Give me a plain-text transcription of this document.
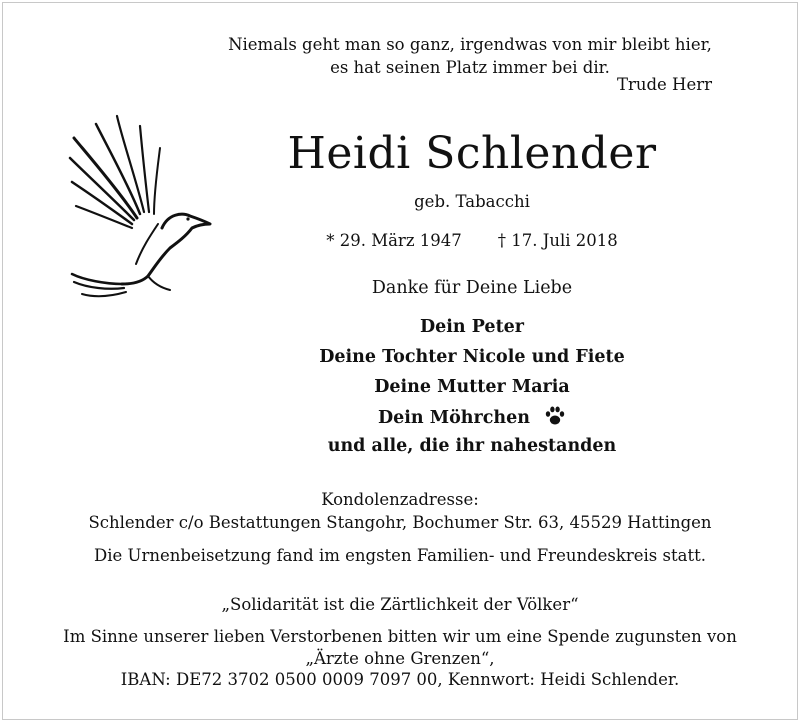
Niemals geht man so ganz, irgendwas von mir bleibt hier,
es hat seinen Platz immer bei dir.
Trude Herr
Heidi Schlender
geb. Tabacchi
* 29. März 1947 † 17. Juli 2018
Danke für Deine Liebe
Dein Peter
Deine Tochter Nicole und Fiete
Deine Mutter Maria
Dein Möhrchen
und alle, die ihr nahestanden
Kondolenzadresse:
Schlender c/o Bestattungen Stangohr, Bochumer Str. 63, 45529 Hattingen
Die Urnenbeisetzung fand im engsten Familien- und Freundeskreis statt.
„Solidarität ist die Zärtlichkeit der Völker“
Im Sinne unserer lieben Verstorbenen bitten wir um eine Spende zugunsten von
„Ärzte ohne Grenzen“,
IBAN: DE72 3702 0500 0009 7097 00, Kennwort: Heidi Schlender.
